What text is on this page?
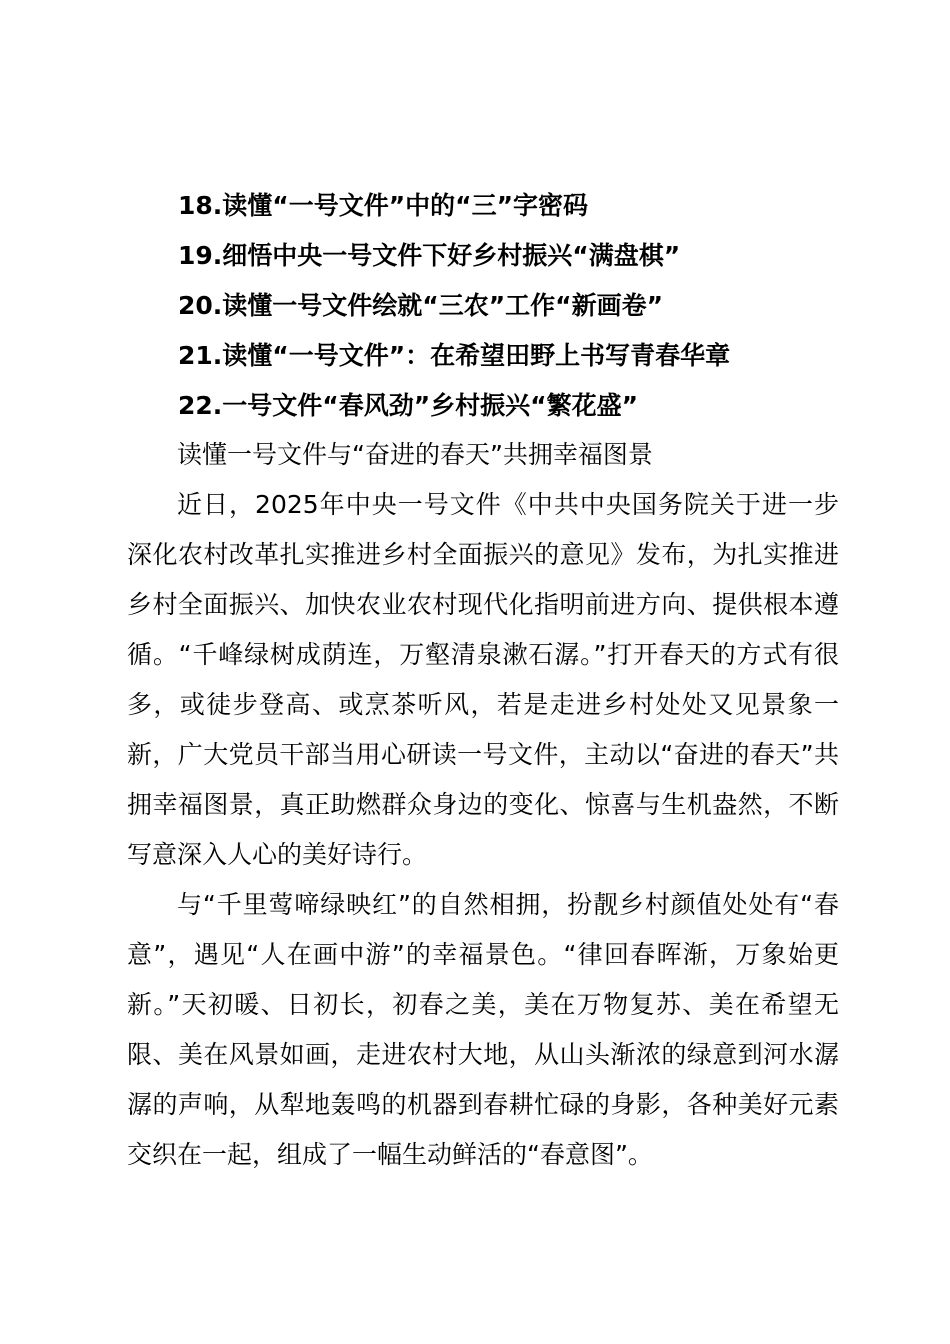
18.读懂“一号文件”中的“三”字密码
19.细悟中央一号文件下好乡村振兴“满盘棋”
20.读懂一号文件绘就“三农”工作“新画卷”
21.读懂“一号文件”：在希望田野上书写青春华章
22.一号文件“春风劲”乡村振兴“繁花盛”

读懂一号文件与“奋进的春天”共拥幸福图景

近日，2025年中央一号文件《中共中央国务院关于进一步深化农村改革扎实推进乡村全面振兴的意见》发布，为扎实推进乡村全面振兴、加快农业农村现代化指明前进方向、提供根本遵循。“千峰绿树成荫连，万壑清泉漱石潺。”打开春天的方式有很多，或徒步登高、或烹茶听风，若是走进乡村处处又见景象一新，广大党员干部当用心研读一号文件，主动以“奋进的春天”共拥幸福图景，真正助燃群众身边的变化、惊喜与生机盎然，不断写意深入人心的美好诗行。

与“千里莺啼绿映红”的自然相拥，扮靓乡村颜值处处有“春意”，遇见“人在画中游”的幸福景色。“律回春晖渐，万象始更新。”天初暖、日初长，初春之美，美在万物复苏、美在希望无限、美在风景如画，走进农村大地，从山头渐浓的绿意到河水潺潺的声响，从犁地轰鸣的机器到春耕忙碌的身影，各种美好元素交织在一起，组成了一幅生动鲜活的“春意图”。
